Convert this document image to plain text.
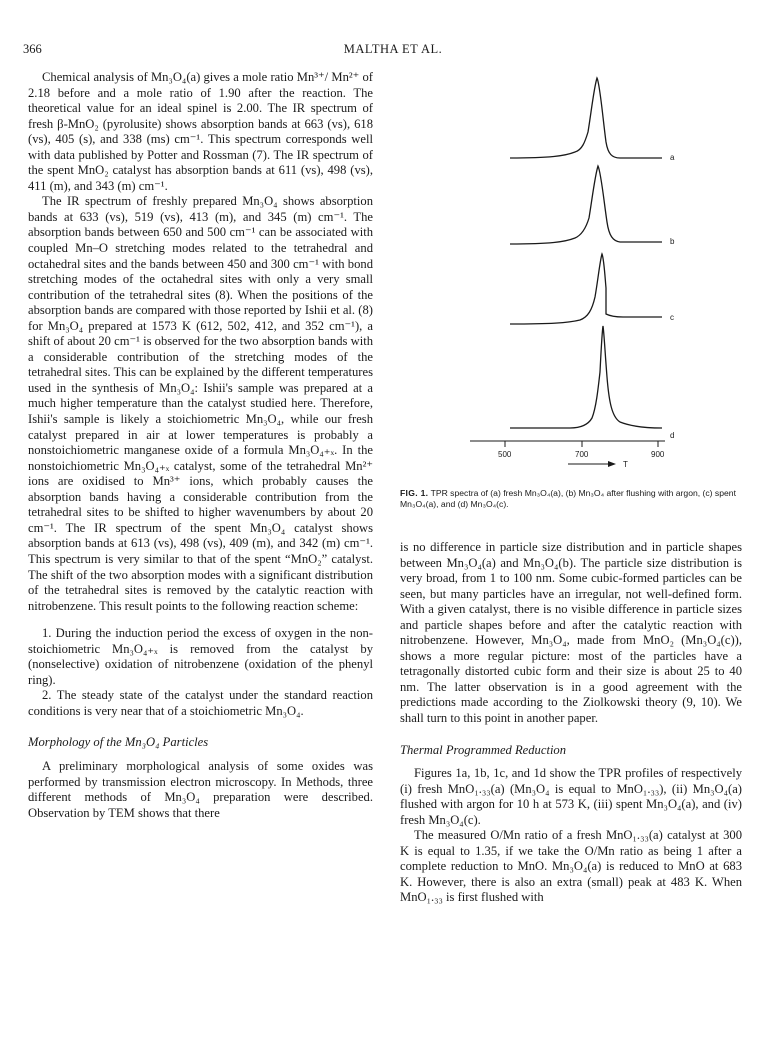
366	MALTHA ET AL.

Chemical analysis of Mn₃O₄(a) gives a mole ratio Mn³⁺/ Mn²⁺ of 2.18 before and a mole ratio of 1.90 after the reaction. The theoretical value for an ideal spinel is 2.00. The IR spectrum of fresh β-MnO₂ (pyrolusite) shows absorption bands at 663 (vs), 618 (vs), 405 (s), and 338 (ms) cm⁻¹. This spectrum corresponds well with data published by Potter and Rossman (7). The IR spectrum of the spent MnO₂ catalyst has absorption bands at 611 (vs), 498 (vs), 411 (m), and 343 (m) cm⁻¹.

The IR spectrum of freshly prepared Mn₃O₄ shows absorption bands at 633 (vs), 519 (vs), 413 (m), and 345 (m) cm⁻¹. The absorption bands between 650 and 500 cm⁻¹ can be associated with coupled Mn–O stretching modes related to the tetrahedral and octahedral sites and the bands between 450 and 300 cm⁻¹ with bond stretching modes of the octahedral sites with only a very small contribution of the tetrahedral sites (8). When the positions of the absorption bands are compared with those reported by Ishii et al. (8) for Mn₃O₄ prepared at 1573 K (612, 502, 412, and 352 cm⁻¹), a shift of about 20 cm⁻¹ is observed for the two absorption bands with a considerable contribution of the stretching modes of the tetrahedral sites. This can be explained by the different temperatures used in the synthesis of Mn₃O₄: Ishii's sample was prepared at a much higher temperature than the catalyst studied here. Therefore, Ishii's sample is likely a stoichiometric Mn₃O₄, while our fresh catalyst prepared in air at lower temperatures is probably a nonstoichiometric manganese oxide of a formula Mn₃O₄₊ₓ. In the nonstoichiometric Mn₃O₄₊ₓ catalyst, some of the tetrahedral Mn²⁺ ions are oxidised to Mn³⁺ ions, which probably causes the absorption bands having a considerable contribution from the tetrahedral sites to be shifted to higher wavenumbers by about 20 cm⁻¹. The IR spectrum of the spent Mn₃O₄ catalyst shows absorption bands at 613 (vs), 498 (vs), 409 (m), and 342 (m) cm⁻¹. This spectrum is very similar to that of the spent “MnO₂” catalyst. The shift of the two absorption modes with a significant distribution of the tetrahedral sites is removed by the catalytic reaction with nitrobenzene. This result points to the following reaction scheme:

1. During the induction period the excess of oxygen in the non-stoichiometric Mn₃O₄₊ₓ is removed from the catalyst by (nonselective) oxidation of nitrobenzene (oxidation of the phenyl ring).

2. The steady state of the catalyst under the standard reaction conditions is very near that of a stoichiometric Mn₃O₄.

Morphology of the Mn₃O₄ Particles

A preliminary morphological analysis of some oxides was performed by transmission electron microscopy. In Methods, three different methods of Mn₃O₄ preparation were described. Observation by TEM shows that there

a
b
c
d
500	700	900
T
FIG. 1. TPR spectra of (a) fresh Mn₃O₄(a), (b) Mn₃O₄ after flushing with argon, (c) spent Mn₃O₄(a), and (d) Mn₃O₄(c).

is no difference in particle size distribution and in particle shapes between Mn₃O₄(a) and Mn₃O₄(b). The particle size distribution is very broad, from 1 to 100 nm. Some cubic-formed particles can be seen, but many particles have an irregular, not well-defined form. With a given catalyst, there is no visible difference in particle sizes and particle shapes before and after the catalytic reaction with nitrobenzene. However, Mn₃O₄, made from MnO₂ (Mn₃O₄(c)), shows a more regular picture: most of the particles have a tetragonally distorted cubic form and their size is about 25 to 40 nm. The latter observation is in a good agreement with the predictions made according to the Ziolkowski theory (9, 10). We shall turn to this point in another paper.

Thermal Programmed Reduction

Figures 1a, 1b, 1c, and 1d show the TPR profiles of respectively (i) fresh MnO₁.₃₃(a) (Mn₃O₄ is equal to MnO₁.₃₃), (ii) Mn₃O₄(a) flushed with argon for 10 h at 573 K, (iii) spent Mn₃O₄(a), and (iv) fresh Mn₃O₄(c).

The measured O/Mn ratio of a fresh MnO₁.₃₃(a) catalyst at 300 K is equal to 1.35, if we take the O/Mn ratio as being 1 after a complete reduction to MnO. Mn₃O₄(a) is reduced to MnO at 683 K. However, there is also an extra (small) peak at 483 K. When MnO₁.₃₃ is first flushed with
